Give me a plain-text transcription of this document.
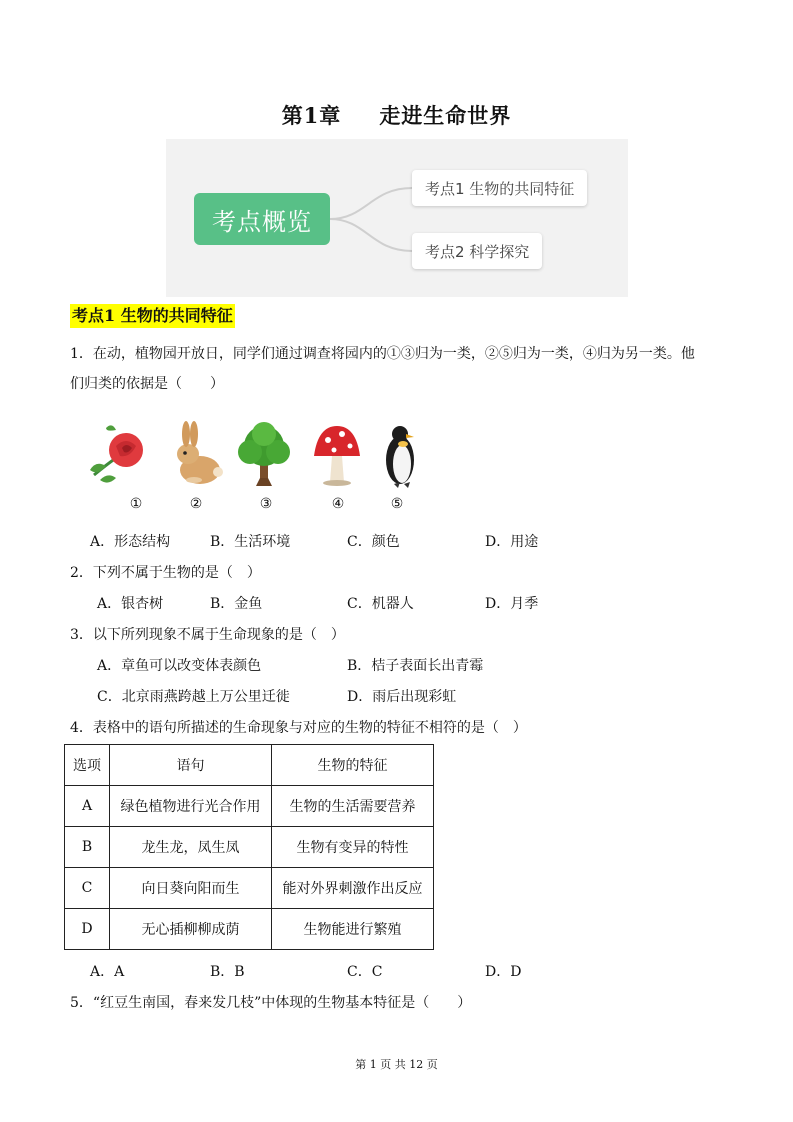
第1章 走进生命世界
考点概览
考点1 生物的共同特征
考点2 科学探究
考点1 生物的共同特征
1．在动，植物园开放日，同学们通过调查将园内的①③归为一类，②⑤归为一类，④归为另一类。他
们归类的依据是（　　）
①	②	③	④	⑤
A．形态结构	B．生活环境	C．颜色	D．用途
2．下列不属于生物的是（　）
A．银杏树	B．金鱼	C．机器人	D．月季
3．以下所列现象不属于生命现象的是（　）
A．章鱼可以改变体表颜色	B．桔子表面长出青霉
C．北京雨燕跨越上万公里迁徙	D．雨后出现彩虹
4．表格中的语句所描述的生命现象与对应的生物的特征不相符的是（　）
选项	语句	生物的特征
A	绿色植物进行光合作用	生物的生活需要营养
B	龙生龙，凤生凤	生物有变异的特性
C	向日葵向阳而生	能对外界刺激作出反应
D	无心插柳柳成荫	生物能进行繁殖
A．A	B．B	C．C	D．D
5．“红豆生南国，春来发几枝”中体现的生物基本特征是（　　）
第 1 页 共 12 页
